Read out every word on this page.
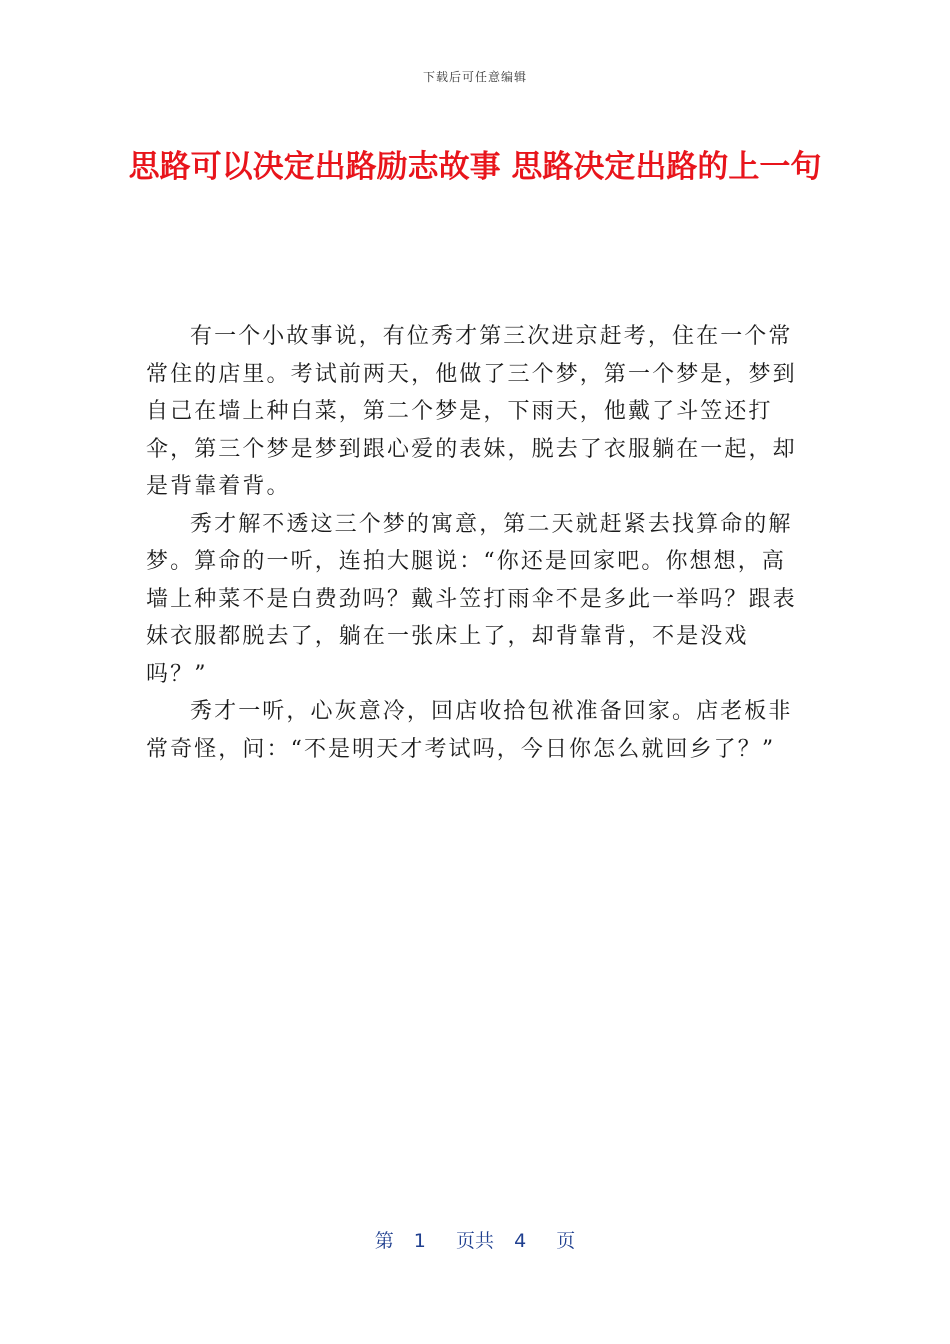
下载后可任意编辑
思路可以决定出路励志故事 思路决定出路的上一句

有一个小故事说，有位秀才第三次进京赶考，住在一个常常住的店里。考试前两天，他做了三个梦，第一个梦是，梦到自己在墙上种白菜，第二个梦是，下雨天，他戴了斗笠还打伞，第三个梦是梦到跟心爱的表妹，脱去了衣服躺在一起，却是背靠着背。

秀才解不透这三个梦的寓意，第二天就赶紧去找算命的解梦。算命的一听，连拍大腿说：“你还是回家吧。你想想，高墙上种菜不是白费劲吗？戴斗笠打雨伞不是多此一举吗？跟表妹衣服都脱去了，躺在一张床上了，却背靠背，不是没戏吗？”

秀才一听，心灰意冷，回店收拾包袱准备回家。店老板非常奇怪，问：“不是明天才考试吗，今日你怎么就回乡了？”

第  1   页共  4   页
